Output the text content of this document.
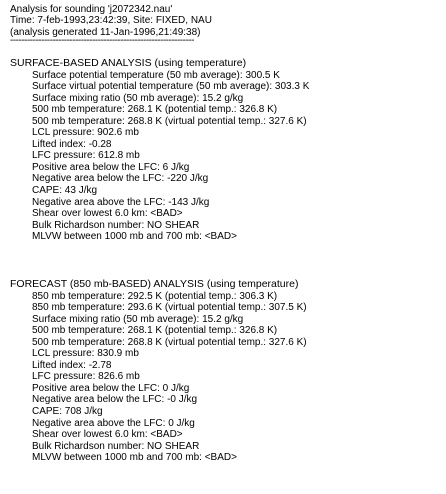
Analysis for sounding 'j2072342.nau'
Time: 7-feb-1993,23:42:39, Site: FIXED, NAU
(analysis generated 11-Jan-1996,21:49:38)
-----------------------------------------------------------------
SURFACE-BASED ANALYSIS (using temperature)
Surface potential temperature (50 mb average): 300.5 K
Surface virtual potential temperature (50 mb average): 303.3 K
Surface mixing ratio (50 mb average): 15.2 g/kg
500 mb temperature: 268.1 K (potential temp.: 326.8 K)
500 mb temperature: 268.8 K (virtual potential temp.: 327.6 K)
LCL pressure: 902.6 mb
Lifted index: -0.28
LFC pressure: 612.8 mb
Positive area below the LFC: 6 J/kg
Negative area below the LFC: -220 J/kg
CAPE: 43 J/kg
Negative area above the LFC: -143 J/kg
Shear over lowest 6.0 km: <BAD>
Bulk Richardson number: NO SHEAR
MLVW between 1000 mb and 700 mb: <BAD>
FORECAST (850 mb-BASED) ANALYSIS (using temperature)
850 mb temperature: 292.5 K (potential temp.: 306.3 K)
850 mb temperature: 293.6 K (virtual potential temp.: 307.5 K)
Surface mixing ratio (50 mb average): 15.2 g/kg
500 mb temperature: 268.1 K (potential temp.: 326.8 K)
500 mb temperature: 268.8 K (virtual potential temp.: 327.6 K)
LCL pressure: 830.9 mb
Lifted index: -2.78
LFC pressure: 826.6 mb
Positive area below the LFC: 0 J/kg
Negative area below the LFC: -0 J/kg
CAPE: 708 J/kg
Negative area above the LFC: 0 J/kg
Shear over lowest 6.0 km: <BAD>
Bulk Richardson number: NO SHEAR
MLVW between 1000 mb and 700 mb: <BAD>
